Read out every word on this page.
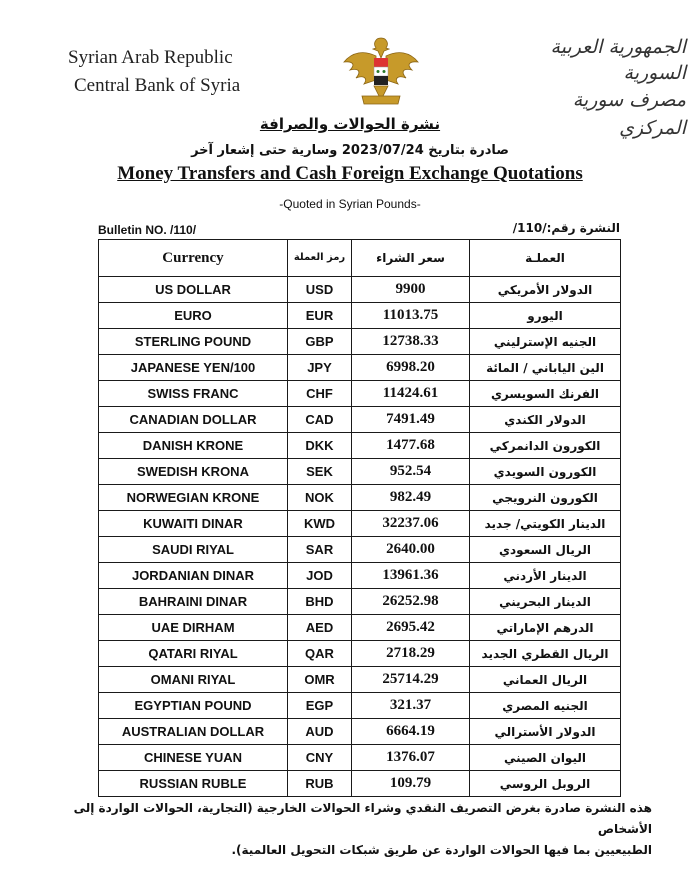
Syrian Arab Republic
Central Bank of Syria
الجمهورية العربية السورية
مصرف سورية المركزي
نشرة الحوالات والصرافة
صادرة بتاريخ 2023/07/24 وسارية حتى إشعار آخر
Money Transfers and Cash Foreign Exchange Quotations
-Quoted in Syrian Pounds-
Bulletin NO. /110/	النشرة رقم:/110/
Currency	رمز العملة	سعر الشراء	العملـة
US DOLLAR	USD	9900	الدولار الأمريكي
EURO	EUR	11013.75	اليورو
STERLING POUND	GBP	12738.33	الجنيه الإسترليني
JAPANESE YEN/100	JPY	6998.20	الين الياباني / المائة
SWISS FRANC	CHF	11424.61	الفرنك السويسري
CANADIAN DOLLAR	CAD	7491.49	الدولار الكندي
DANISH KRONE	DKK	1477.68	الكورون الدانمركي
SWEDISH KRONA	SEK	952.54	الكورون السويدي
NORWEGIAN KRONE	NOK	982.49	الكورون النرويجي
KUWAITI DINAR	KWD	32237.06	الدينار الكويتي/ جديد
SAUDI RIYAL	SAR	2640.00	الريال السعودي
JORDANIAN DINAR	JOD	13961.36	الدينار الأردني
BAHRAINI DINAR	BHD	26252.98	الدينار البحريني
UAE DIRHAM	AED	2695.42	الدرهم الإماراتي
QATARI RIYAL	QAR	2718.29	الريال القطري الجديد
OMANI RIYAL	OMR	25714.29	الريال العماني
EGYPTIAN POUND	EGP	321.37	الجنيه المصري
AUSTRALIAN DOLLAR	AUD	6664.19	الدولار الأسترالي
CHINESE YUAN	CNY	1376.07	اليوان الصيني
RUSSIAN RUBLE	RUB	109.79	الروبل الروسي
هذه النشرة صادرة بغرض التصريف النقدي وشراء الحوالات الخارجية (التجارية، الحوالات الواردة إلى الأشخاص
الطبيعيين بما فيها الحوالات الواردة عن طريق شبكات التحويل العالمية).
